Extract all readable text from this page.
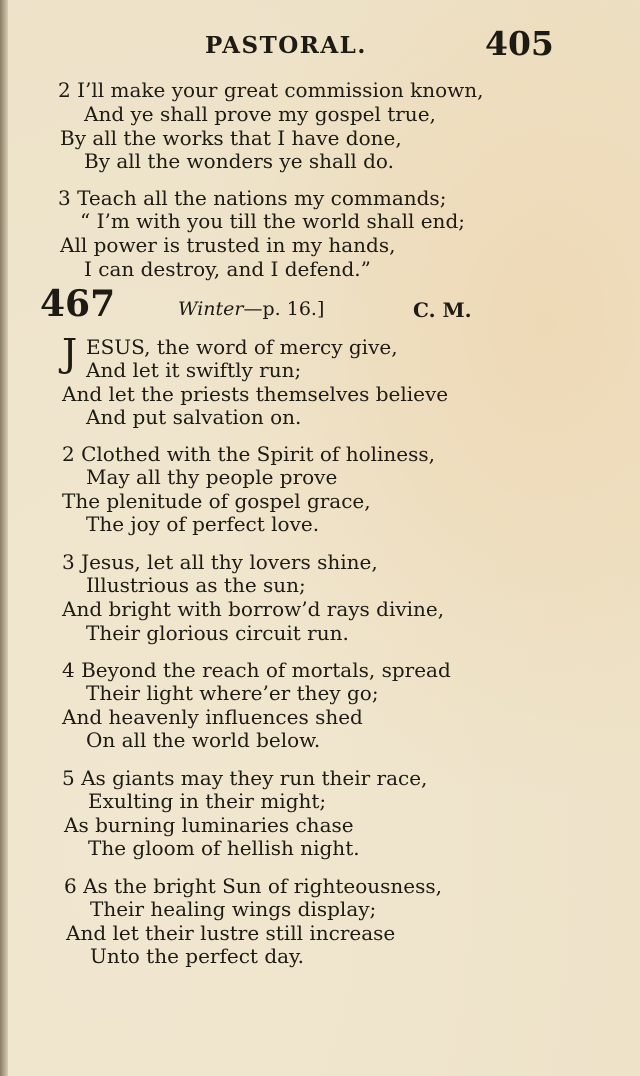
PASTORAL.	405
2 I’ll make your great commission known,
And ye shall prove my gospel true,
By all the works that I have done,
By all the wonders ye shall do.
3 Teach all the nations my commands;
“ I’m with you till the world shall end;
All power is trusted in my hands,
I can destroy, and I defend.”
467	Winter—p. 16.]	C. M.
J ESUS, the word of mercy give,
And let it swiftly run;
And let the priests themselves believe
And put salvation on.
2 Clothed with the Spirit of holiness,
May all thy people prove
The plenitude of gospel grace,
The joy of perfect love.
3 Jesus, let all thy lovers shine,
Illustrious as the sun;
And bright with borrow’d rays divine,
Their glorious circuit run.
4 Beyond the reach of mortals, spread
Their light where’er they go;
And heavenly influences shed
On all the world below.
5 As giants may they run their race,
Exulting in their might;
As burning luminaries chase
The gloom of hellish night.
6 As the bright Sun of righteousness,
Their healing wings display;
And let their lustre still increase
Unto the perfect day.
